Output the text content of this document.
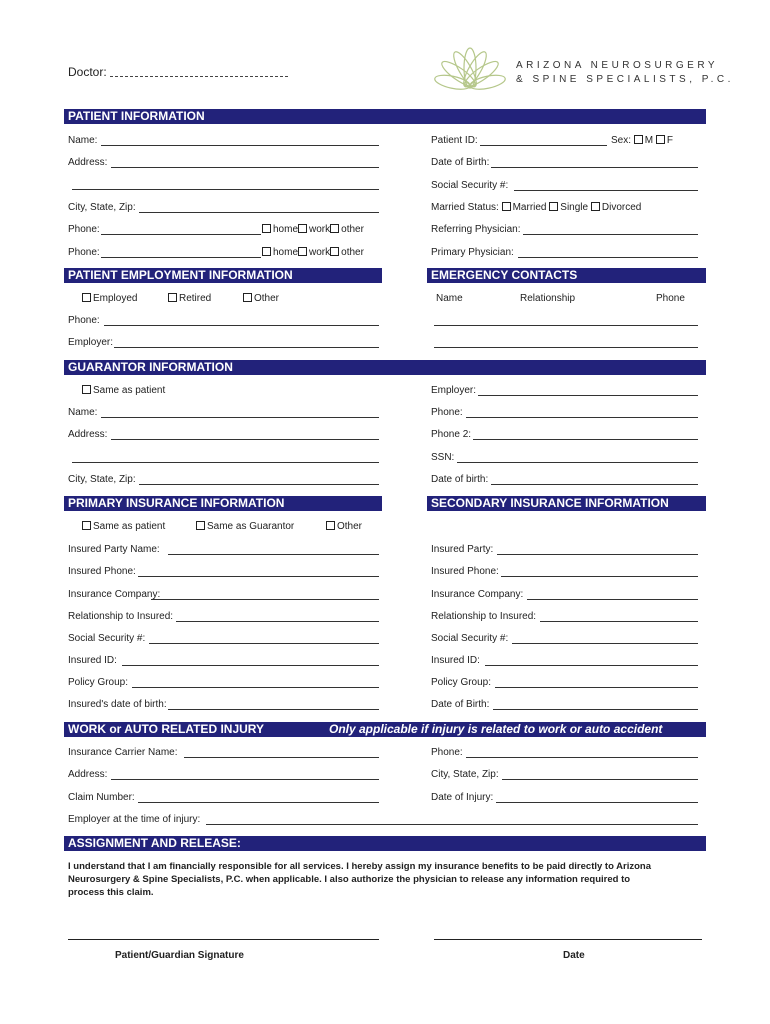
Doctor:	ARIZONA NEUROSURGERY
& SPINE SPECIALISTS, P.C.
PATIENT INFORMATION
Name:
Address:
City, State, Zip:
Phone:	home work other
Phone:	home work other
Patient ID:	Sex: M F
Date of Birth:
Social Security #:
Married Status: Married Single Divorced
Referring Physician:
Primary Physician:
PATIENT EMPLOYMENT INFORMATION	EMERGENCY CONTACTS
Employed	Retired	Other
Phone:
Employer:
Name	Relationship	Phone
GUARANTOR INFORMATION
Same as patient
Name:
Address:
City, State, Zip:
Employer:
Phone:
Phone 2:
SSN:
Date of birth:
PRIMARY INSURANCE INFORMATION	SECONDARY INSURANCE INFORMATION
Same as patient	Same as Guarantor	Other
Insured Party Name:
Insured Phone:
Insurance Company:
Relationship to Insured:
Social Security #:
Insured ID:
Policy Group:
Insured's date of birth:
Insured Party:
Insured Phone:
Insurance Company:
Relationship to Insured:
Social Security #:
Insured ID:
Policy Group:
Date of Birth:
WORK or AUTO RELATED INJURY	Only applicable if injury is related to work or auto accident
Insurance Carrier Name:
Address:
Claim Number:
Employer at the time of injury:
Phone:
City, State, Zip:
Date of Injury:
ASSIGNMENT AND RELEASE:
I understand that I am financially responsible for all services. I hereby assign my insurance benefits to be paid directly to Arizona
Neurosurgery & Spine Specialists, P.C. when applicable. I also authorize the physician to release any information required to
process this claim.
Patient/Guardian Signature	Date
